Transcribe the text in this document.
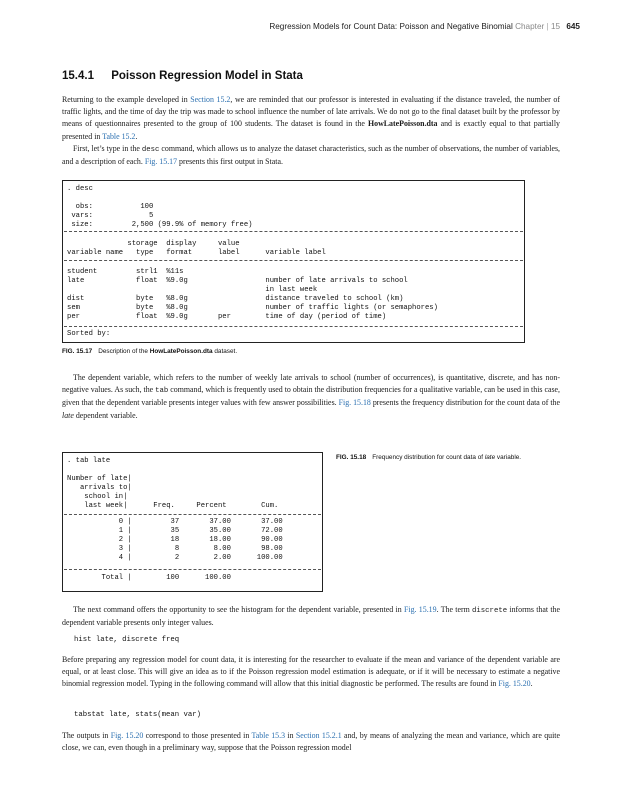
Regression Models for Count Data: Poisson and Negative Binomial Chapter | 15 645
15.4.1 Poisson Regression Model in Stata

Returning to the example developed in Section 15.2, we are reminded that our professor is interested in evaluating if the distance traveled, the number of traffic lights, and the time of day the trip was made to school influence the number of late arrivals. We do not go to the final dataset built by the professor by means of questionnaires presented to the group of 100 students. The dataset is found in the HowLatePoisson.dta and is exactly equal to that partially presented in Table 15.2.

First, let’s type in the desc command, which allows us to analyze the dataset characteristics, such as the number of observations, the number of variables, and a description of each. Fig. 15.17 presents this first output in Stata.

. desc
obs:           100
vars:             5
size:         2,500 (99.9% of memory free)
storage  display     value
variable name   type   format      label      variable label
student         strl1  %11s
late            float  %9.0g                  number of late arrivals to school
in last week
dist            byte   %8.0g                  distance traveled to school (km)
sem             byte   %8.0g                  number of traffic lights (or semaphores)
per             float  %9.0g       per        time of day (period of time)
Sorted by:
FIG. 15.17 Description of the HowLatePoisson.dta dataset.

The dependent variable, which refers to the number of weekly late arrivals to school (number of occurrences), is quantitative, discrete, and has non-negative values. As such, the tab command, which is frequently used to obtain the distribution frequencies for a qualitative variable, can be used in this case, given that the dependent variable presents integer values with few answer possibilities. Fig. 15.18 presents the frequency distribution for the count data of the late dependent variable.

. tab late
Number of late|
arrivals to|
school in|
last week|      Freq.     Percent        Cum.
0 |         37       37.00       37.00
1 |         35       35.00       72.00
2 |         18       18.00       90.00
3 |          8        8.00       98.00
4 |          2        2.00      100.00
Total |        100      100.00
FIG. 15.18 Frequency distribution for count data of late variable.

The next command offers the opportunity to see the histogram for the dependent variable, presented in Fig. 15.19. The term discrete informs that the dependent variable presents only integer values.

hist late, discrete freq

Before preparing any regression model for count data, it is interesting for the researcher to evaluate if the mean and variance of the dependent variable are equal, or at least close. This will give an idea as to if the Poisson regression model estimation is adequate, or if it will be necessary to estimate a negative binomial regression model. Typing in the following command will allow that this initial diagnostic be performed. The results are found in Fig. 15.20.

tabstat late, stats(mean var)

The outputs in Fig. 15.20 correspond to those presented in Table 15.3 in Section 15.2.1 and, by means of analyzing the mean and variance, which are quite close, we can, even though in a preliminary way, suppose that the Poisson regression model
